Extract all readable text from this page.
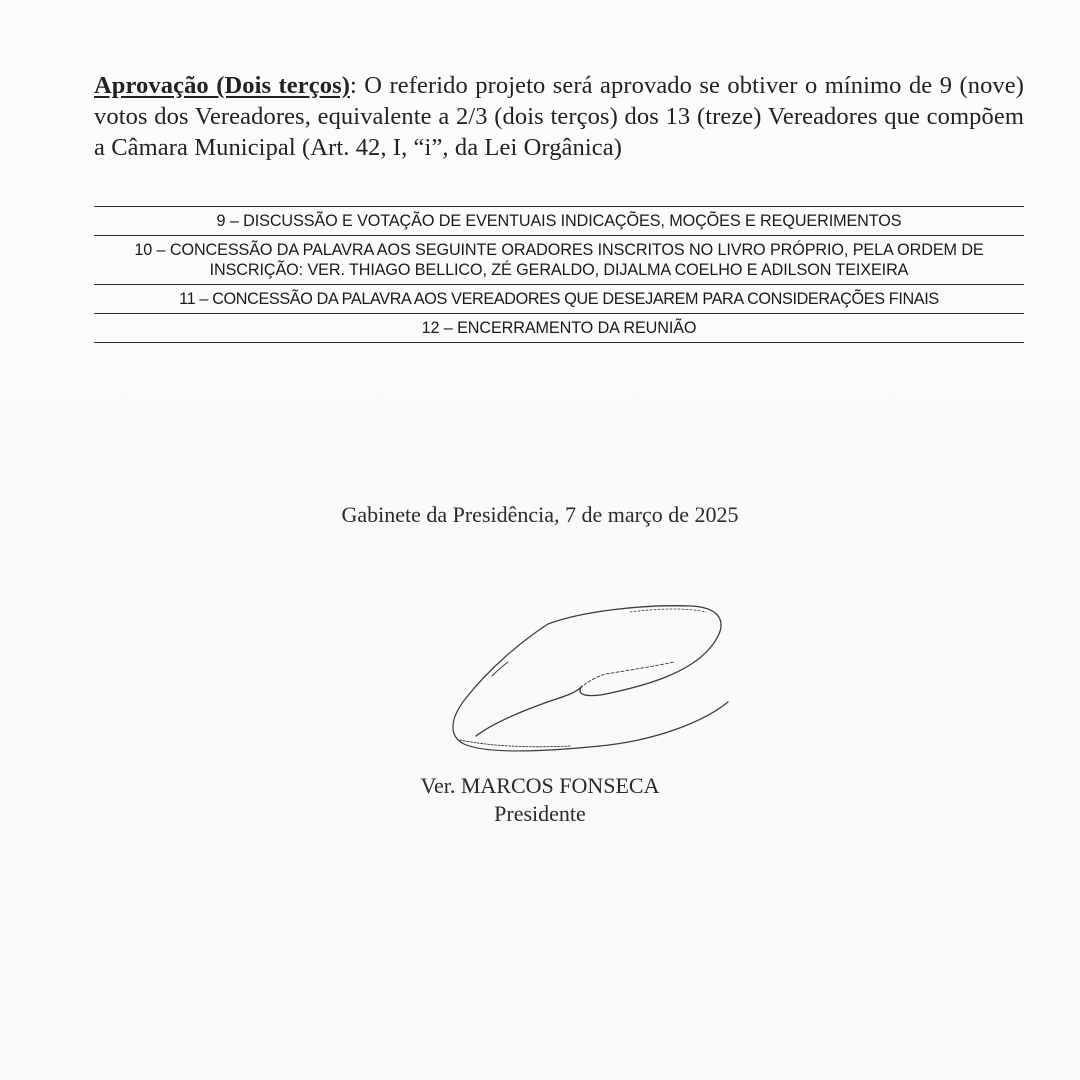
Aprovação (Dois terços): O referido projeto será aprovado se obtiver o mínimo de 9 (nove) votos dos Vereadores, equivalente a 2/3 (dois terços) dos 13 (treze) Vereadores que compõem a Câmara Municipal (Art. 42, I, “i”, da Lei Orgânica)
9 – DISCUSSÃO E VOTAÇÃO DE EVENTUAIS INDICAÇÕES, MOÇÕES E REQUERIMENTOS
10 – CONCESSÃO DA PALAVRA AOS SEGUINTE ORADORES INSCRITOS NO LIVRO PRÓPRIO, PELA ORDEM DE INSCRIÇÃO: VER. THIAGO BELLICO, ZÉ GERALDO, DIJALMA COELHO E ADILSON TEIXEIRA
11 – CONCESSÃO DA PALAVRA AOS VEREADORES QUE DESEJAREM PARA CONSIDERAÇÕES FINAIS
12 – ENCERRAMENTO DA REUNIÃO
Gabinete da Presidência, 7 de março de 2025
Ver. MARCOS FONSECA
Presidente
